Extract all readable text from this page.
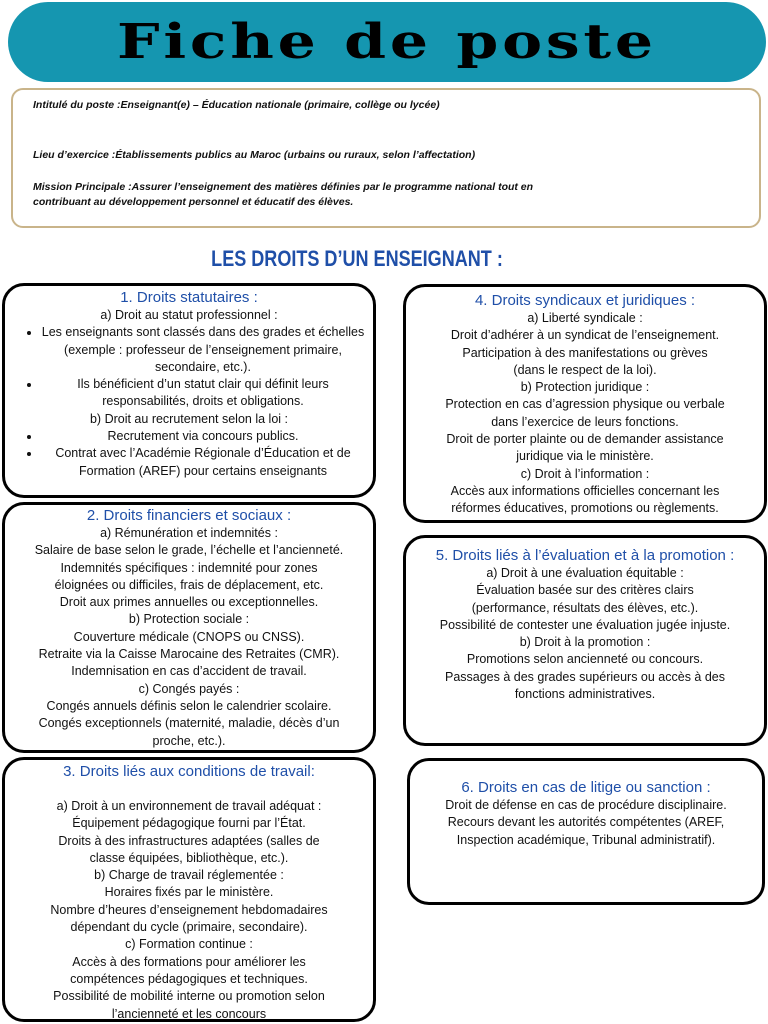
Fiche de poste

Intitulé du poste :Enseignant(e) – Éducation nationale (primaire, collège ou lycée)

Lieu d’exercice :Établissements publics au Maroc (urbains ou ruraux, selon l’affectation)

Mission Principale :Assurer l’enseignement des matières définies par le programme national tout en contribuant au développement personnel et éducatif des élèves.

LES DROITS D’UN ENSEIGNANT :
1. Droits statutaires :
a) Droit au statut professionnel :
• Les enseignants sont classés dans des grades et échelles (exemple : professeur de l’enseignement primaire, secondaire, etc.).
• Ils bénéficient d’un statut clair qui définit leurs responsabilités, droits et obligations.
b) Droit au recrutement selon la loi :
• Recrutement via concours publics.
• Contrat avec l’Académie Régionale d’Éducation et de Formation (AREF) pour certains enseignants
2. Droits financiers et sociaux :
a) Rémunération et indemnités :
Salaire de base selon le grade, l’échelle et l’ancienneté.
Indemnités spécifiques : indemnité pour zones
éloignées ou difficiles, frais de déplacement, etc.
Droit aux primes annuelles ou exceptionnelles.
b) Protection sociale :
Couverture médicale (CNOPS ou CNSS).
Retraite via la Caisse Marocaine des Retraites (CMR).
Indemnisation en cas d’accident de travail.
c) Congés payés :
Congés annuels définis selon le calendrier scolaire.
Congés exceptionnels (maternité, maladie, décès d’un
proche, etc.).
3. Droits liés aux conditions de travail:
a) Droit à un environnement de travail adéquat :
Équipement pédagogique fourni par l’État.
Droits à des infrastructures adaptées (salles de
classe équipées, bibliothèque, etc.).
b) Charge de travail réglementée :
Horaires fixés par le ministère.
Nombre d’heures d’enseignement hebdomadaires
dépendant du cycle (primaire, secondaire).
c) Formation continue :
Accès à des formations pour améliorer les
compétences pédagogiques et techniques.
Possibilité de mobilité interne ou promotion selon
l’ancienneté et les concours
4. Droits syndicaux et juridiques :
a) Liberté syndicale :
Droit d’adhérer à un syndicat de l’enseignement.
Participation à des manifestations ou grèves
(dans le respect de la loi).
b) Protection juridique :
Protection en cas d’agression physique ou verbale
dans l’exercice de leurs fonctions.
Droit de porter plainte ou de demander assistance
juridique via le ministère.
c) Droit à l’information :
Accès aux informations officielles concernant les
réformes éducatives, promotions ou règlements.
5. Droits liés à l’évaluation et à la promotion :
a) Droit à une évaluation équitable :
Évaluation basée sur des critères clairs
(performance, résultats des élèves, etc.).
Possibilité de contester une évaluation jugée injuste.
b) Droit à la promotion :
Promotions selon ancienneté ou concours.
Passages à des grades supérieurs ou accès à des
fonctions administratives.
6. Droits en cas de litige ou sanction :
Droit de défense en cas de procédure disciplinaire.
Recours devant les autorités compétentes (AREF,
Inspection académique, Tribunal administratif).
